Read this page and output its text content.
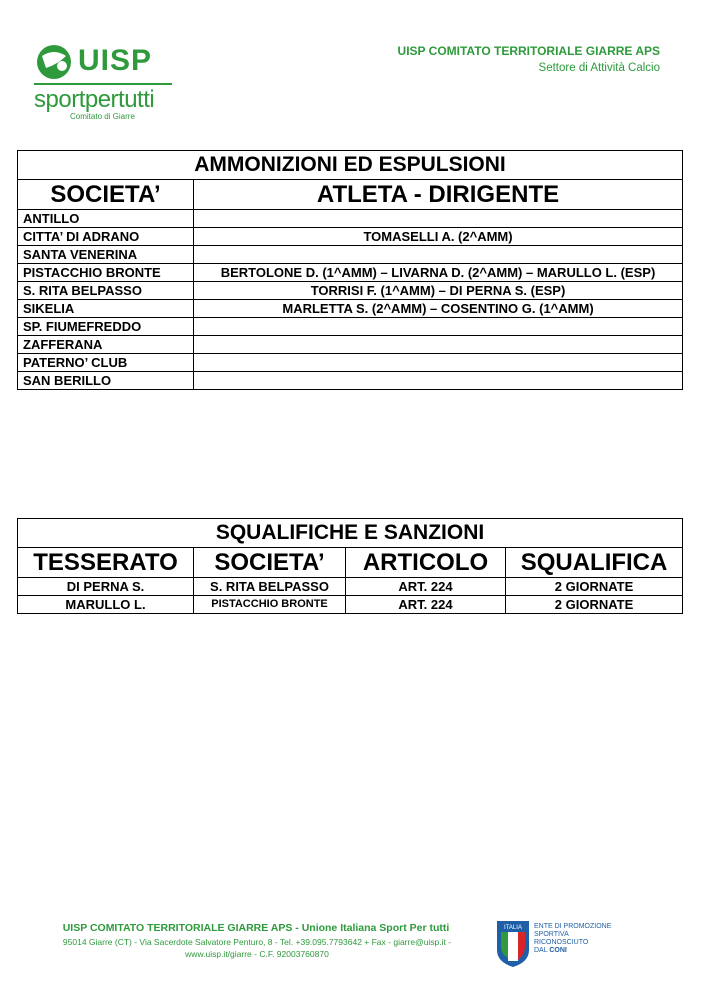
UISP
sportpertutti
Comitato di Giarre
UISP COMITATO TERRITORIALE GIARRE APS
Settore di Attività Calcio
AMMONIZIONI ED ESPULSIONI	
SOCIETA’	ATLETA - DIRIGENTE
ANTILLO	
CITTA’ DI ADRANO	TOMASELLI A. (2^AMM)
SANTA VENERINA	
PISTACCHIO BRONTE	BERTOLONE D. (1^AMM) – LIVARNA D. (2^AMM) – MARULLO L. (ESP)
S. RITA BELPASSO	TORRISI F. (1^AMM) – DI PERNA S. (ESP)
SIKELIA	MARLETTA S. (2^AMM) – COSENTINO G. (1^AMM)
SP. FIUMEFREDDO	
ZAFFERANA	
PATERNO’ CLUB	
SAN BERILLO	
SQUALIFICHE E SANZIONI			
TESSERATO	SOCIETA’	ARTICOLO	SQUALIFICA
DI PERNA S.	S. RITA BELPASSO	ART. 224	2 GIORNATE
MARULLO L.	PISTACCHIO BRONTE	ART. 224	2 GIORNATE
UISP COMITATO TERRITORIALE GIARRE APS - Unione Italiana Sport Per tutti
95014 Giarre (CT) - Via Sacerdote Salvatore Penturo, 8 - Tel. +39.095.7793642 + Fax - giarre@uisp.it - www.uisp.it/giarre - C.F. 92003760870
ITALIA ENTE DI PROMOZIONE
SPORTIVA
RICONOSCIUTO
DAL CONI
